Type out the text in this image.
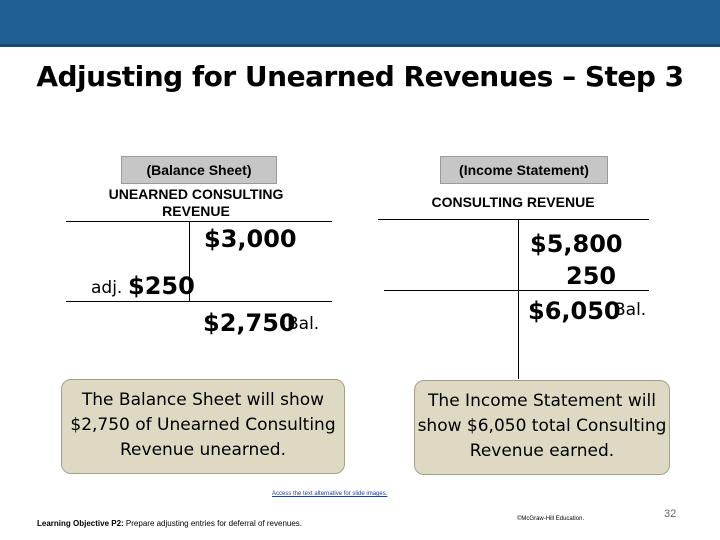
Adjusting for Unearned Revenues – Step 3
(Balance Sheet)
UNEARNED CONSULTING
REVENUE
$3,000
adj. $250
$2,750
Bal.
(Income Statement)
CONSULTING REVENUE
$5,800
250
$6,050
Bal.
The Balance Sheet will show $2,750 of Unearned Consulting Revenue unearned.
The Income Statement will show $6,050 total Consulting Revenue earned.
Access the text alternative for slide images.
Learning Objective P2: Prepare adjusting entries for deferral of revenues.	©McGraw-Hill Education.	32
